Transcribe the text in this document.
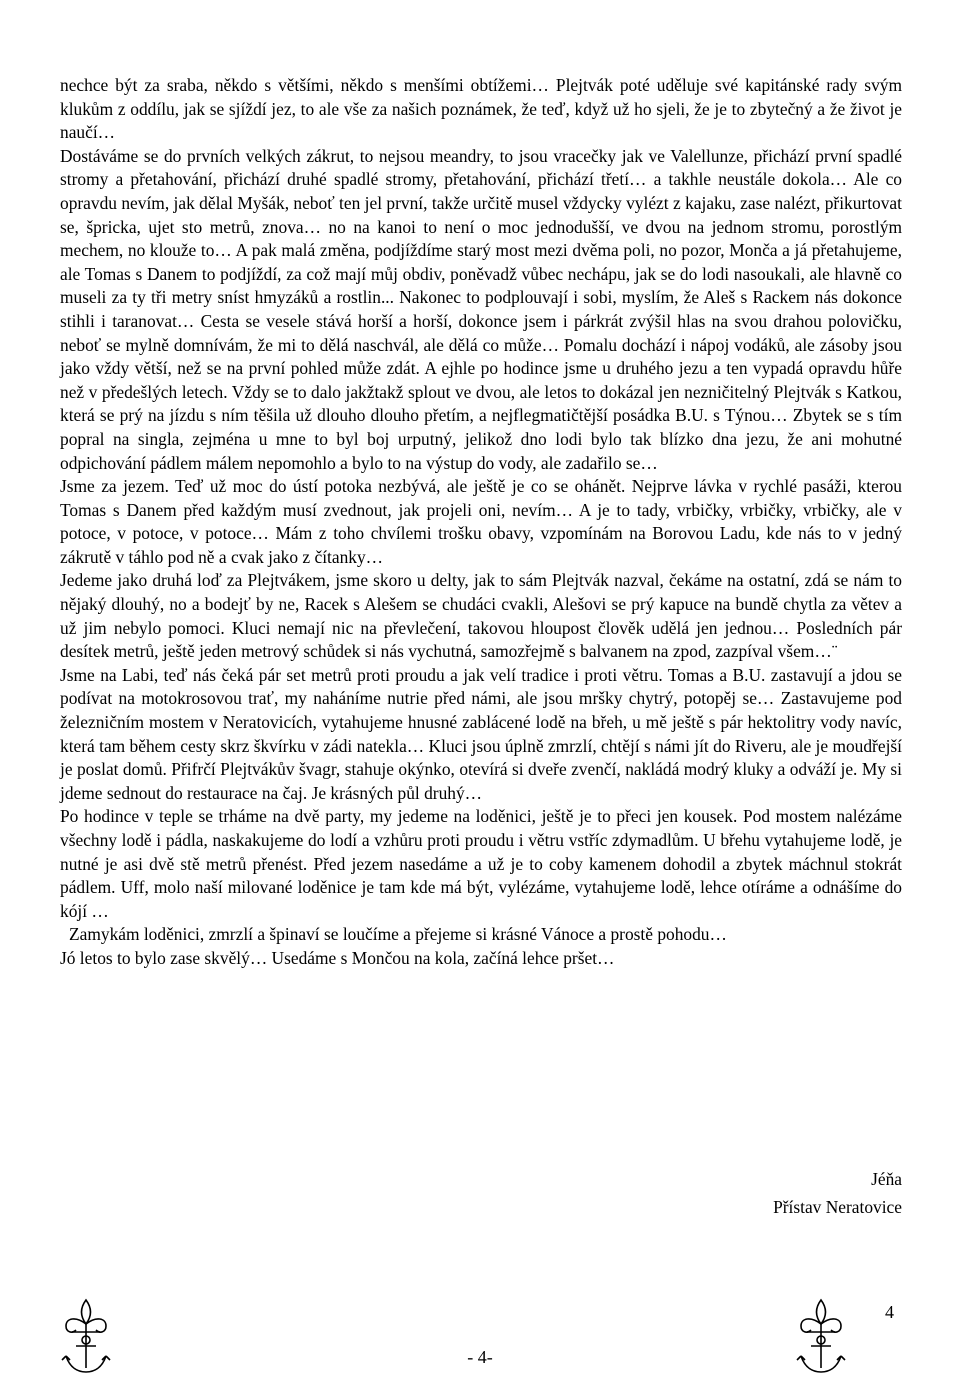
nechce být za sraba, někdo s většími, někdo s menšími obtížemi… Plejtvák poté uděluje své kapitánské rady svým klukům z oddílu, jak se sjíždí jez, to ale vše za našich poznámek, že teď, když už ho sjeli, že je to zbytečný a že život je naučí…

Dostáváme se do prvních velkých zákrut, to nejsou meandry, to jsou vracečky jak ve Valellunze, přichází první spadlé stromy a přetahování, přichází druhé spadlé stromy, přetahování, přichází třetí… a takhle neustále dokola… Ale co opravdu nevím, jak dělal Myšák, neboť ten jel první, takže určitě musel vždycky vylézt z kajaku, zase nalézt, přikurtovat se, špricka, ujet sto metrů, znova… no na kanoi to není o moc jednodušší, ve dvou na jednom stromu, porostlým mechem, no klouže to… A pak malá změna, podjíždíme starý most mezi dvěma poli, no pozor, Monča a já přetahujeme, ale Tomas s Danem to podjíždí, za což mají můj obdiv, poněvadž vůbec nechápu, jak se do lodi nasoukali, ale hlavně co museli za ty tři metry sníst hmyzáků a rostlin... Nakonec to podplouvají i sobi, myslím, že Aleš s Rackem nás dokonce stihli i taranovat… Cesta se vesele stává horší a horší, dokonce jsem i párkrát zvýšil hlas na svou drahou polovičku, neboť se mylně domnívám, že mi to dělá naschvál, ale dělá co může… Pomalu dochází i nápoj vodáků, ale zásoby jsou jako vždy větší, než se na první pohled může zdát. A ejhle po hodince jsme u druhého jezu a ten vypadá opravdu hůře než v předešlých letech. Vždy se to dalo jakžtakž splout ve dvou, ale letos to dokázal jen nezničitelný Plejtvák s Katkou, která se prý na jízdu s ním těšila už dlouho dlouho přetím, a nejflegmatičtější posádka B.U. s Týnou… Zbytek se s tím popral na singla, zejména u mne to byl boj urputný, jelikož dno lodi bylo tak blízko dna jezu, že ani mohutné odpichování pádlem málem nepomohlo a bylo to na výstup do vody, ale zadařilo se…

Jsme za jezem. Teď už moc do ústí potoka nezbývá, ale ještě je co se ohánět. Nejprve lávka v rychlé pasáži, kterou Tomas s Danem před každým musí zvednout, jak projeli oni, nevím… A je to tady, vrbičky, vrbičky, vrbičky, ale v potoce, v potoce, v potoce… Mám z toho chvílemi trošku obavy, vzpomínám na Borovou Ladu, kde nás to v jedný zákrutě v táhlo pod ně a cvak jako z čítanky…

Jedeme jako druhá loď za Plejtvákem, jsme skoro u delty, jak to sám Plejtvák nazval, čekáme na ostatní, zdá se nám to nějaký dlouhý, no a bodejť by ne, Racek s Alešem se chudáci cvakli, Alešovi se prý kapuce na bundě chytla za větev a už jim nebylo pomoci. Kluci nemají nic na převlečení, takovou hloupost člověk udělá jen jednou… Posledních pár desítek metrů, ještě jeden metrový schůdek si nás vychutná, samozřejmě s balvanem na zpod, zazpíval všem…¨

Jsme na Labi, teď nás čeká pár set metrů proti proudu a jak velí tradice i proti větru. Tomas a B.U. zastavují a jdou se podívat na motokrosovou trať, my naháníme nutrie před námi, ale jsou mršky chytrý, potopěj se… Zastavujeme pod železničním mostem v Neratovicích, vytahujeme hnusné zablácené lodě na břeh, u mě ještě s pár hektolitry vody navíc, která tam během cesty skrz škvírku v zádi natekla… Kluci jsou úplně zmrzlí, chtějí s námi jít do Riveru, ale je moudřejší je poslat domů. Přifrčí Plejtvákův švagr, stahuje okýnko, otevírá si dveře zvenčí, nakládá modrý kluky a odváží je. My si jdeme sednout do restaurace na čaj. Je krásných půl druhý…

Po hodince v teple se trháme na dvě party, my jedeme na loděnici, ještě je to přeci jen kousek. Pod mostem nalézáme všechny lodě i pádla, naskakujeme do lodí a vzhůru proti proudu i větru vstříc zdymadlům. U břehu vytahujeme lodě, je nutné je asi dvě stě metrů přenést. Před jezem nasedáme a už je to coby kamenem dohodil a zbytek máchnul stokrát pádlem. Uff, molo naší milované loděnice je tam kde má být, vylézáme, vytahujeme lodě, lehce otíráme a odnášíme do kójí …

Zamykám loděnici, zmrzlí a špinaví se loučíme a přejeme si krásné Vánoce a prostě pohodu…

Jó letos to bylo zase skvělý… Usedáme s Mončou na kola, začíná lehce pršet…

Jéňa
Přístav Neratovice
- 4-
4
